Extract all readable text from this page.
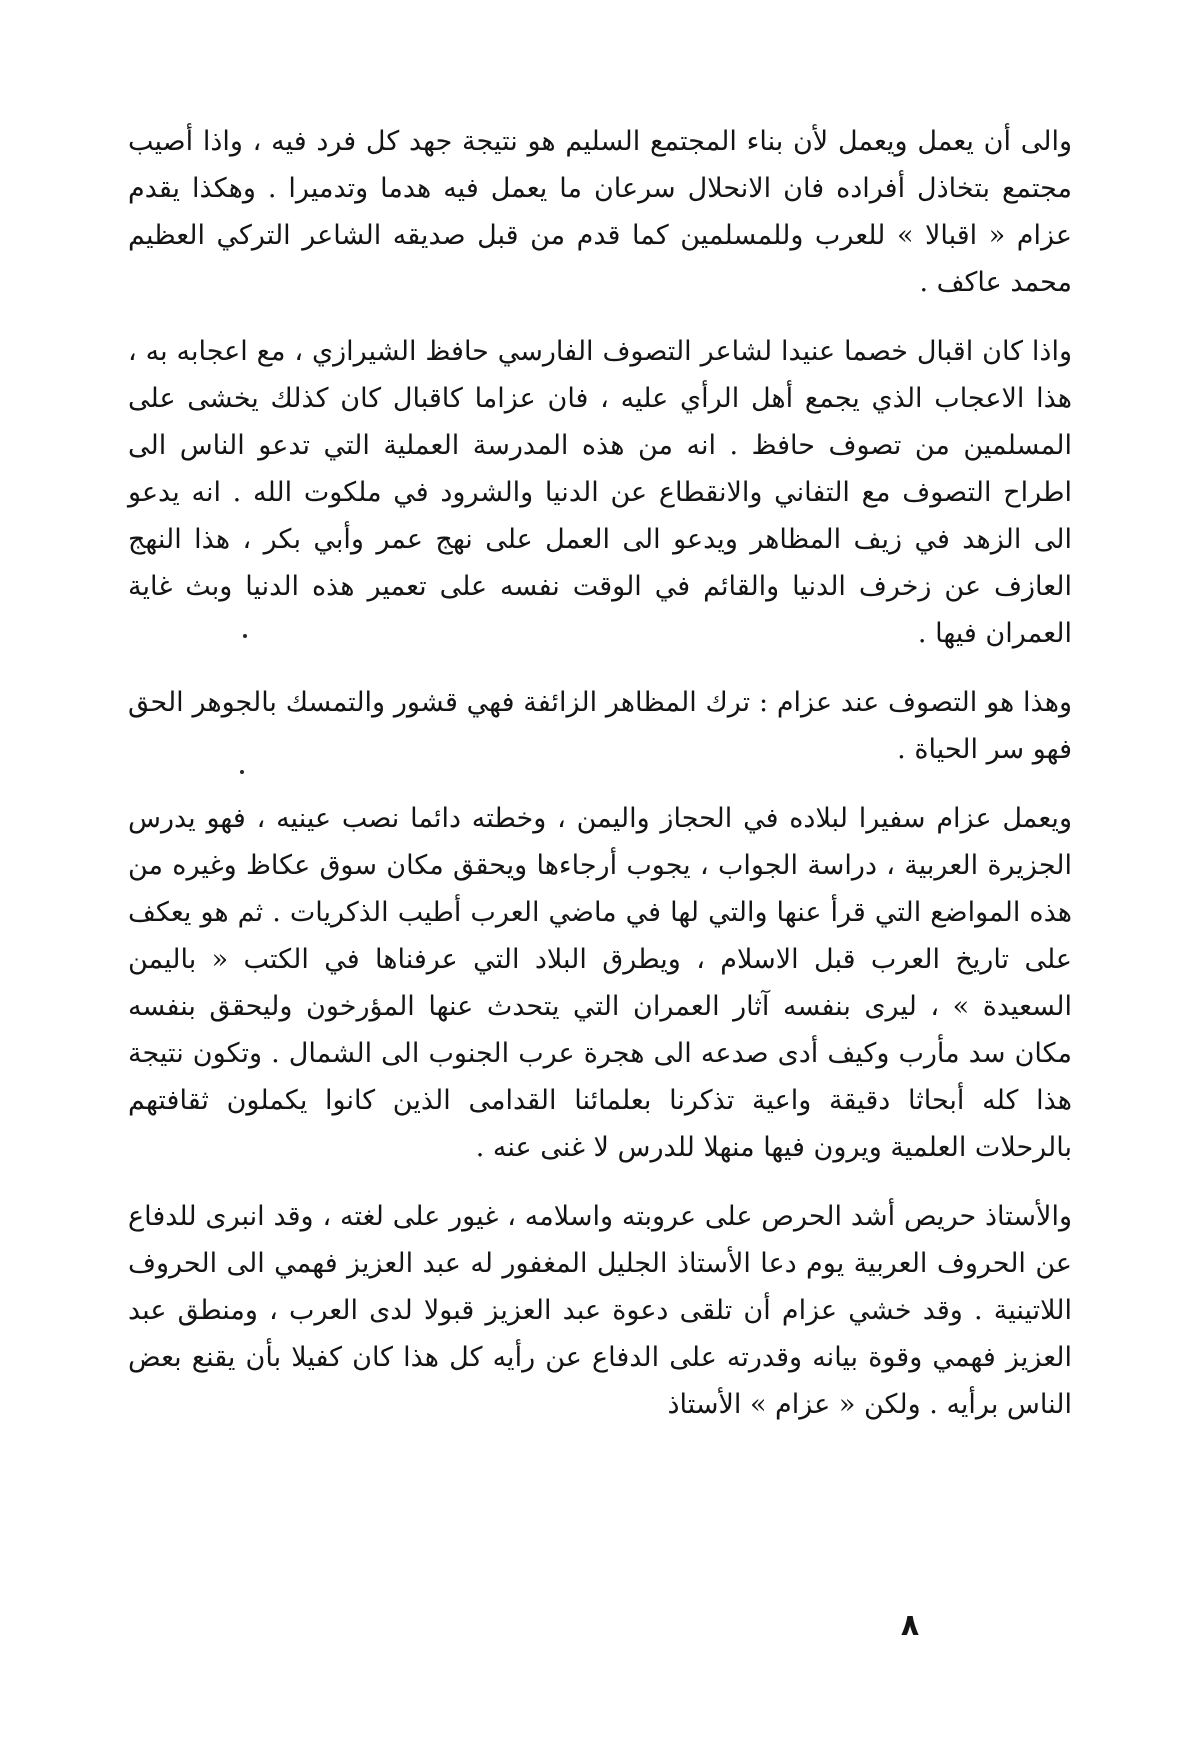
والى أن يعمل ويعمل لأن بناء المجتمع السليم هو نتيجة جهد كل فرد فيه ، واذا أصيب مجتمع بتخاذل أفراده فان الانحلال سرعان ما يعمل فيه هدما وتدميرا . وهكذا يقدم عزام « اقبالا » للعرب وللمسلمين كما قدم من قبل صديقه الشاعر التركي العظيم محمد عاكف .

واذا كان اقبال خصما عنيدا لشاعر التصوف الفارسي حافظ الشيرازي ، مع اعجابه به ، هذا الاعجاب الذي يجمع أهل الرأي عليه ، فان عزاما كاقبال كان كذلك يخشى على المسلمين من تصوف حافظ . انه من هذه المدرسة العملية التي تدعو الناس الى اطراح التصوف مع التفاني والانقطاع عن الدنيا والشرود في ملكوت الله . انه يدعو الى الزهد في زيف المظاهر ويدعو الى العمل على نهج عمر وأبي بكر ، هذا النهج العازف عن زخرف الدنيا والقائم في الوقت نفسه على تعمير هذه الدنيا وبث غاية العمران فيها .

وهذا هو التصوف عند عزام : ترك المظاهر الزائفة فهي قشور والتمسك بالجوهر الحق فهو سر الحياة .

ويعمل عزام سفيرا لبلاده في الحجاز واليمن ، وخطته دائما نصب عينيه ، فهو يدرس الجزيرة العربية ، دراسة الجواب ، يجوب أرجاءها ويحقق مكان سوق عكاظ وغيره من هذه المواضع التي قرأ عنها والتي لها في ماضي العرب أطيب الذكريات . ثم هو يعكف على تاريخ العرب قبل الاسلام ، ويطرق البلاد التي عرفناها في الكتب « باليمن السعيدة » ، ليرى بنفسه آثار العمران التي يتحدث عنها المؤرخون وليحقق بنفسه مكان سد مأرب وكيف أدى صدعه الى هجرة عرب الجنوب الى الشمال . وتكون نتيجة هذا كله أبحاثا دقيقة واعية تذكرنا بعلمائنا القدامى الذين كانوا يكملون ثقافتهم بالرحلات العلمية ويرون فيها منهلا للدرس لا غنى عنه .

والأستاذ حريص أشد الحرص على عروبته واسلامه ، غيور على لغته ، وقد انبرى للدفاع عن الحروف العربية يوم دعا الأستاذ الجليل المغفور له عبد العزيز فهمي الى الحروف اللاتينية . وقد خشي عزام أن تلقى دعوة عبد العزيز قبولا لدى العرب ، ومنطق عبد العزيز فهمي وقوة بيانه وقدرته على الدفاع عن رأيه كل هذا كان كفيلا بأن يقنع بعض الناس برأيه . ولكن « عزام » الأستاذ

٨
